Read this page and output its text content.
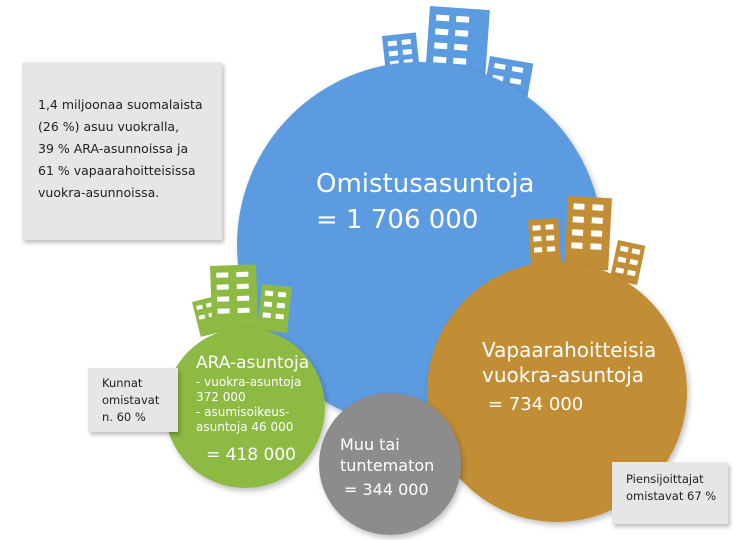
1,4 miljoonaa suomalaista
(26 %) asuu vuokralla,
39 % ARA-asunnoissa ja
61 % vapaarahoitteisissa
vuokra-asunnoissa.
Kunnat
omistavat
n. 60 %
Piensijoittajat
omistavat 67 %
Omistusasuntoja
= 1 706 000
Vapaarahoitteisia
vuokra-asuntoja
= 734 000
ARA-asuntoja
- vuokra-asuntoja
372 000
- asumisoikeus-
asuntoja 46 000
= 418 000
Muu tai
tuntematon
= 344 000
